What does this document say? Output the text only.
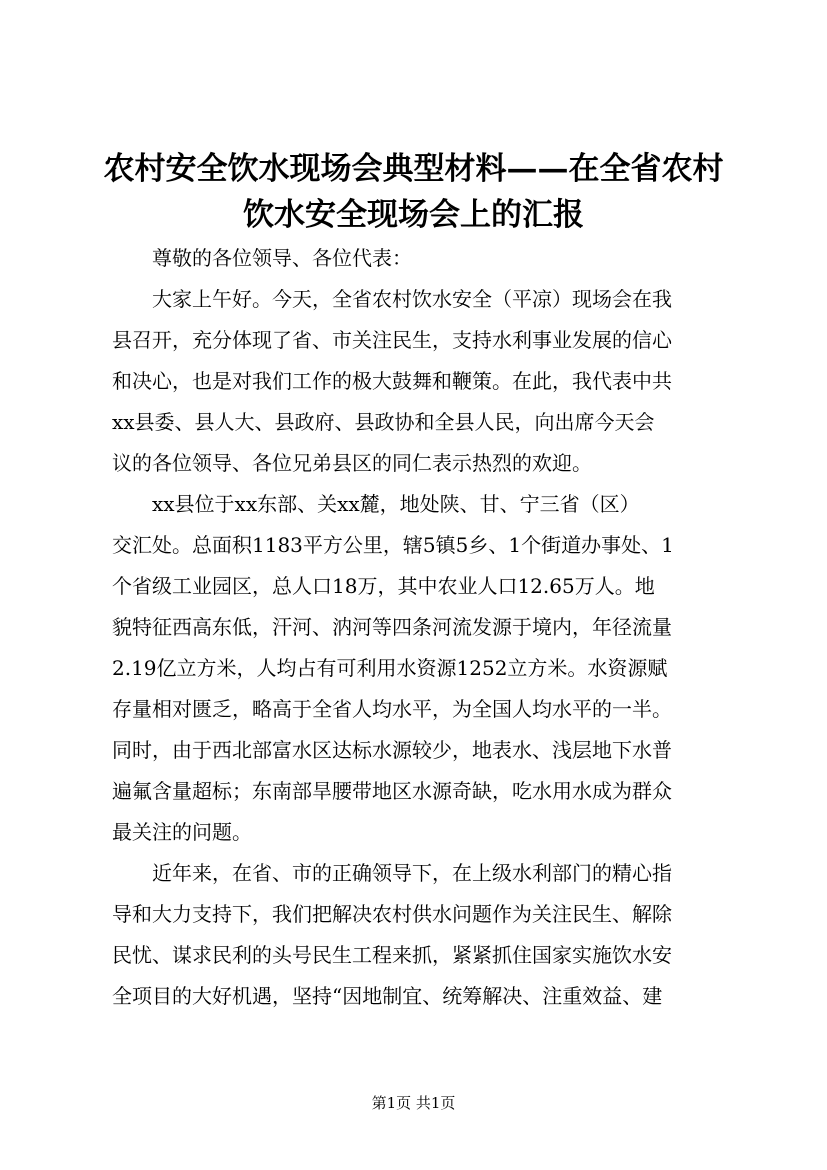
农村安全饮水现场会典型材料——在全省农村
饮水安全现场会上的汇报
尊敬的各位领导、各位代表：
大家上午好。今天，全省农村饮水安全（平凉）现场会在我
县召开，充分体现了省、市关注民生，支持水利事业发展的信心
和决心，也是对我们工作的极大鼓舞和鞭策。在此，我代表中共
xx县委、县人大、县政府、县政协和全县人民，向出席今天会
议的各位领导、各位兄弟县区的同仁表示热烈的欢迎。
xx县位于xx东部、关xx麓，地处陕、甘、宁三省（区）
交汇处。总面积1183平方公里，辖5镇5乡、1个街道办事处、1
个省级工业园区，总人口18万，其中农业人口12.65万人。地
貌特征西高东低，汗河、汭河等四条河流发源于境内，年径流量
2.19亿立方米，人均占有可利用水资源1252立方米。水资源赋
存量相对匮乏，略高于全省人均水平，为全国人均水平的一半。
同时，由于西北部富水区达标水源较少，地表水、浅层地下水普
遍氟含量超标；东南部旱腰带地区水源奇缺，吃水用水成为群众
最关注的问题。
近年来，在省、市的正确领导下，在上级水利部门的精心指
导和大力支持下，我们把解决农村供水问题作为关注民生、解除
民忧、谋求民利的头号民生工程来抓，紧紧抓住国家实施饮水安
全项目的大好机遇，坚持“因地制宜、统筹解决、注重效益、建
第1页 共1页
